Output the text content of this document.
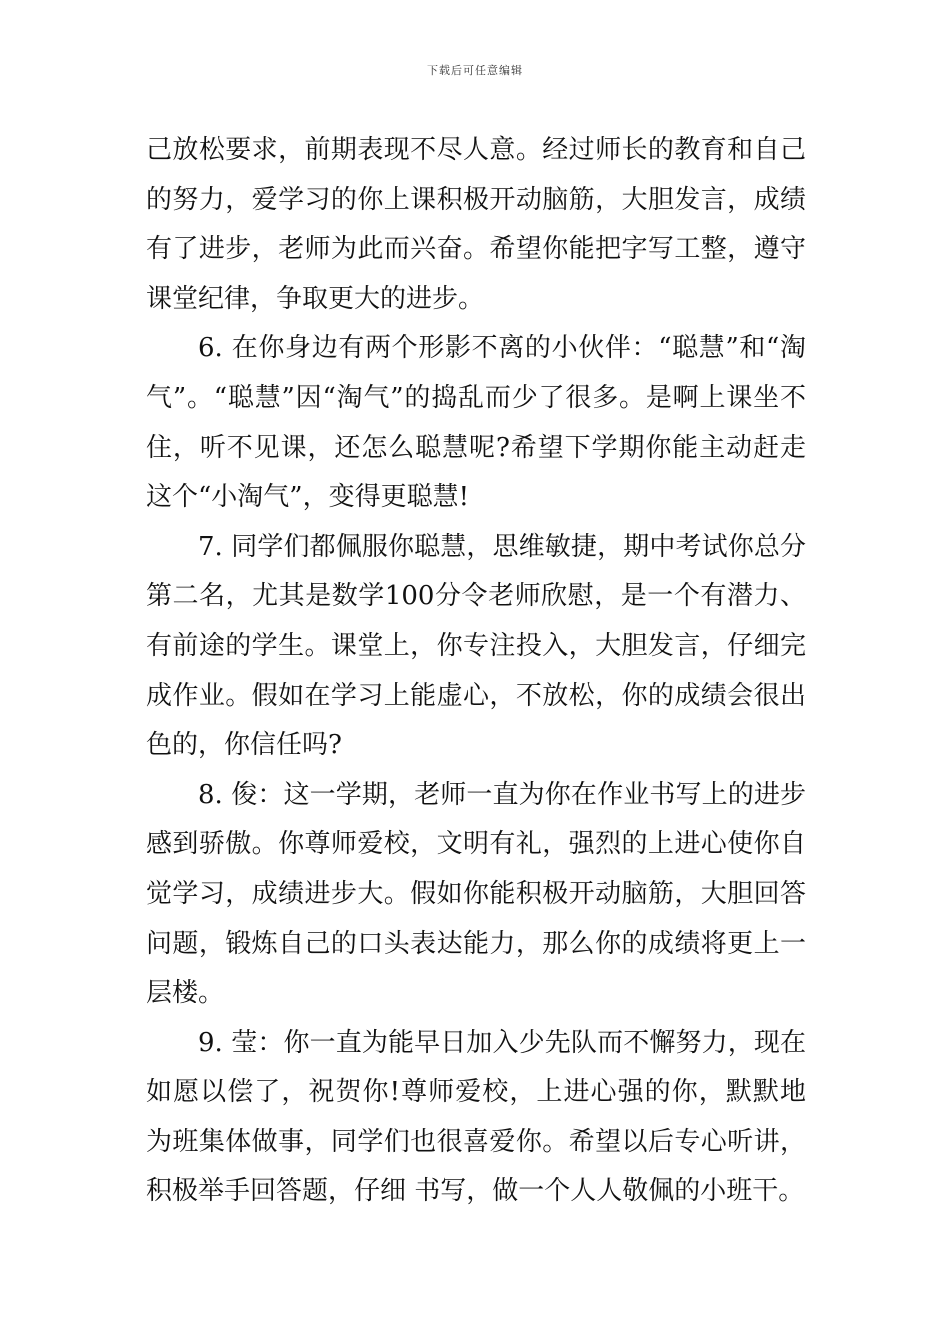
下载后可任意编辑

己放松要求，前期表现不尽人意。经过师长的教育和自己的努力，爱学习的你上课积极开动脑筋，大胆发言，成绩有了进步，老师为此而兴奋。希望你能把字写工整，遵守课堂纪律，争取更大的进步。

6. 在你身边有两个形影不离的小伙伴：“聪慧”和“淘气”。“聪慧”因“淘气”的捣乱而少了很多。是啊上课坐不住，听不见课，还怎么聪慧呢?希望下学期你能主动赶走这个“小淘气”，变得更聪慧!

7. 同学们都佩服你聪慧，思维敏捷，期中考试你总分第二名，尤其是数学100分令老师欣慰，是一个有潜力、有前途的学生。课堂上，你专注投入，大胆发言，仔细完成作业。假如在学习上能虚心，不放松，你的成绩会很出色的，你信任吗?

8. 俊：这一学期，老师一直为你在作业书写上的进步感到骄傲。你尊师爱校，文明有礼，强烈的上进心使你自觉学习，成绩进步大。假如你能积极开动脑筋，大胆回答问题，锻炼自己的口头表达能力，那么你的成绩将更上一层楼。

9. 莹：你一直为能早日加入少先队而不懈努力，现在如愿以偿了，祝贺你!尊师爱校，上进心强的你，默默地为班集体做事，同学们也很喜爱你。希望以后专心听讲，积极举手回答题，仔细 书写，做一个人人敬佩的小班干。
